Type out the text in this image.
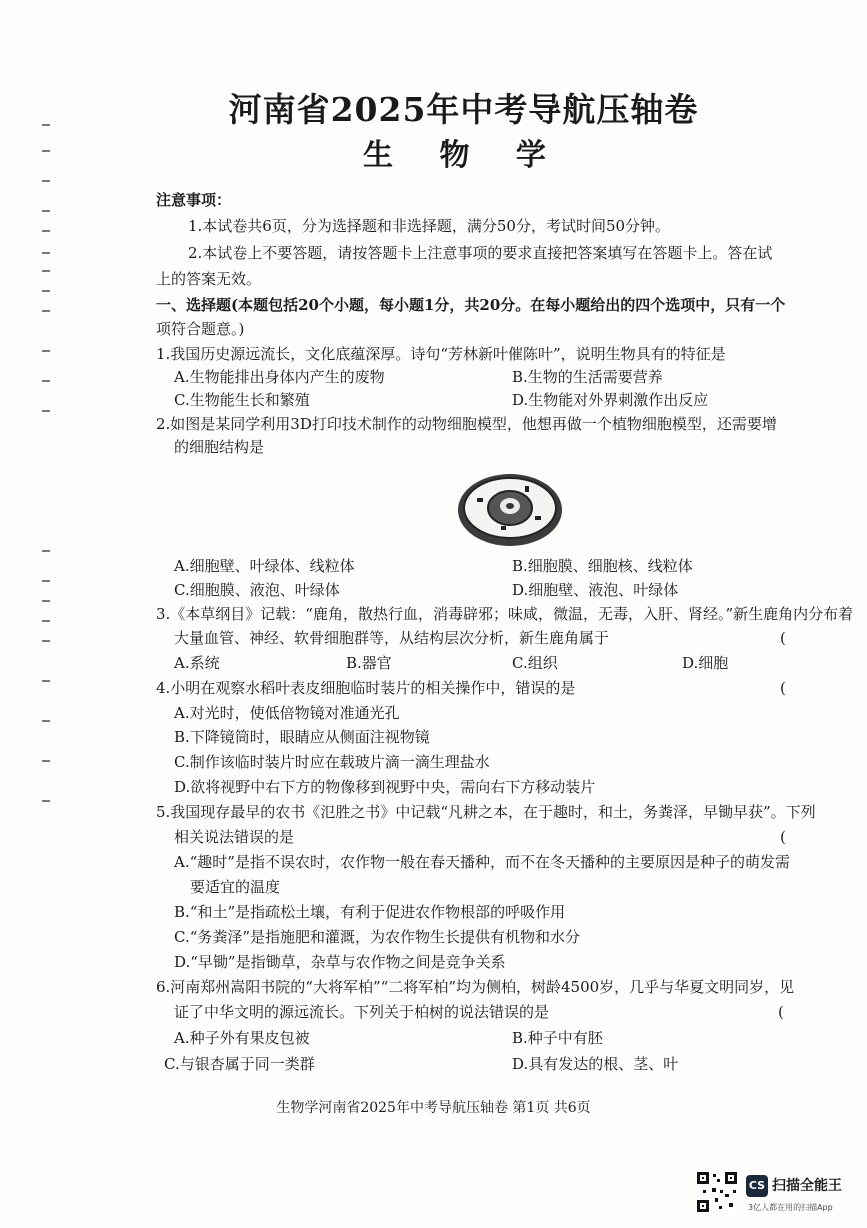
河南省2025年中考导航压轴卷
生 物 学
注意事项：
1.本试卷共6页，分为选择题和非选择题，满分50分，考试时间50分钟。
2.本试卷上不要答题，请按答题卡上注意事项的要求直接把答案填写在答题卡上。答在试
上的答案无效。
一、选择题(本题包括20个小题，每小题1分，共20分。在每小题给出的四个选项中，只有一个
项符合题意。)
1.我国历史源远流长，文化底蕴深厚。诗句“芳林新叶催陈叶”，说明生物具有的特征是
A.生物能排出身体内产生的废物	B.生物的生活需要营养
C.生物能生长和繁殖	D.生物能对外界刺激作出反应
2.如图是某同学利用3D打印技术制作的动物细胞模型，他想再做一个植物细胞模型，还需要增
的细胞结构是
A.细胞壁、叶绿体、线粒体	B.细胞膜、细胞核、线粒体
C.细胞膜、液泡、叶绿体	D.细胞壁、液泡、叶绿体
3.《本草纲目》记载：“鹿角，散热行血，消毒辟邪；味咸，微温，无毒，入肝、肾经。”新生鹿角内分布着
大量血管、神经、软骨细胞群等，从结构层次分析，新生鹿角属于	(
A.系统	B.器官	C.组织	D.细胞
4.小明在观察水稻叶表皮细胞临时装片的相关操作中，错误的是	(
A.对光时，使低倍物镜对准通光孔
B.下降镜筒时，眼睛应从侧面注视物镜
C.制作该临时装片时应在载玻片滴一滴生理盐水
D.欲将视野中右下方的物像移到视野中央，需向右下方移动装片
5.我国现存最早的农书《氾胜之书》中记载“凡耕之本，在于趣时，和土，务粪泽，早锄早获”。下列
相关说法错误的是	(
A.“趣时”是指不误农时，农作物一般在春天播种，而不在冬天播种的主要原因是种子的萌发需
要适宜的温度
B.“和土”是指疏松土壤，有利于促进农作物根部的呼吸作用
C.“务粪泽”是指施肥和灌溉，为农作物生长提供有机物和水分
D.“早锄”是指锄草，杂草与农作物之间是竞争关系
6.河南郑州嵩阳书院的“大将军柏”“二将军柏”均为侧柏，树龄4500岁，几乎与华夏文明同岁，见
证了中华文明的源远流长。下列关于柏树的说法错误的是	(
A.种子外有果皮包被	B.种子中有胚
C.与银杏属于同一类群	D.具有发达的根、茎、叶
生物学河南省2025年中考导航压轴卷 第1页 共6页
CS 扫描全能王
3亿人都在用的扫描App
